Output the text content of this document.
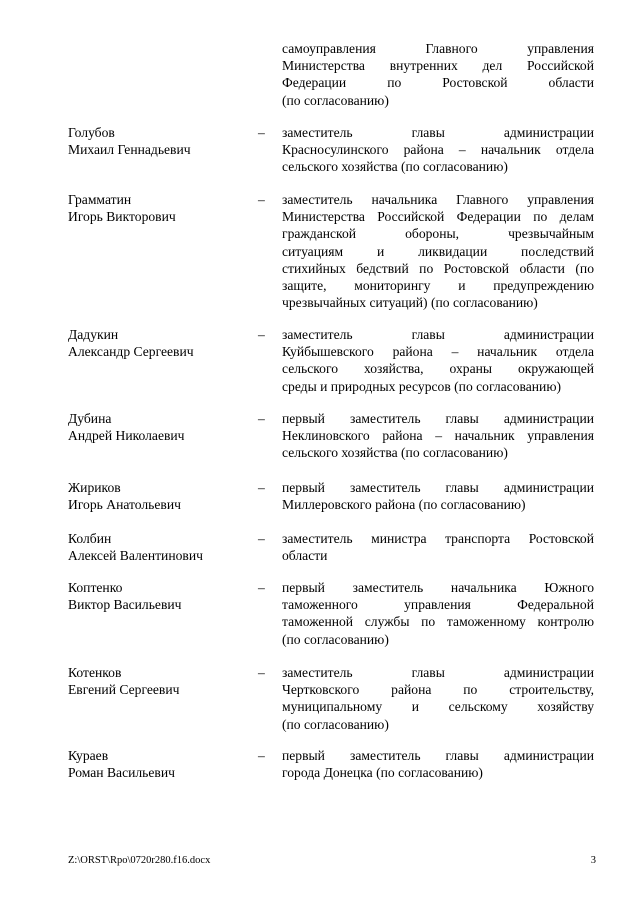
самоуправления Главного управления
Министерства внутренних дел Российской
Федерации по Ростовской области
(по согласованию)
Голубов
Михаил Геннадьевич
– заместитель главы администрации
Красносулинского района – начальник отдела
сельского хозяйства (по согласованию)
Грамматин
Игорь Викторович
– заместитель начальника Главного управления
Министерства Российской Федерации по делам
гражданской обороны, чрезвычайным
ситуациям и ликвидации последствий
стихийных бедствий по Ростовской области (по
защите, мониторингу и предупреждению
чрезвычайных ситуаций) (по согласованию)
Дадукин
Александр Сергеевич
– заместитель главы администрации
Куйбышевского района – начальник отдела
сельского хозяйства, охраны окружающей
среды и природных ресурсов (по согласованию)
Дубина
Андрей Николаевич
– первый заместитель главы администрации
Неклиновского района – начальник управления
сельского хозяйства (по согласованию)
Жириков
Игорь Анатольевич
– первый заместитель главы администрации
Миллеровского района (по согласованию)
Колбин
Алексей Валентинович
– заместитель министра транспорта Ростовской
области
Коптенко
Виктор Васильевич
– первый заместитель начальника Южного
таможенного управления Федеральной
таможенной службы по таможенному контролю
(по согласованию)
Котенков
Евгений Сергеевич
– заместитель главы администрации
Чертковского района по строительству,
муниципальному и сельскому хозяйству
(по согласованию)
Кураев
Роман Васильевич
– первый заместитель главы администрации
города Донецка (по согласованию)
Z:\ORST\Rpo\0720r280.f16.docx	3
